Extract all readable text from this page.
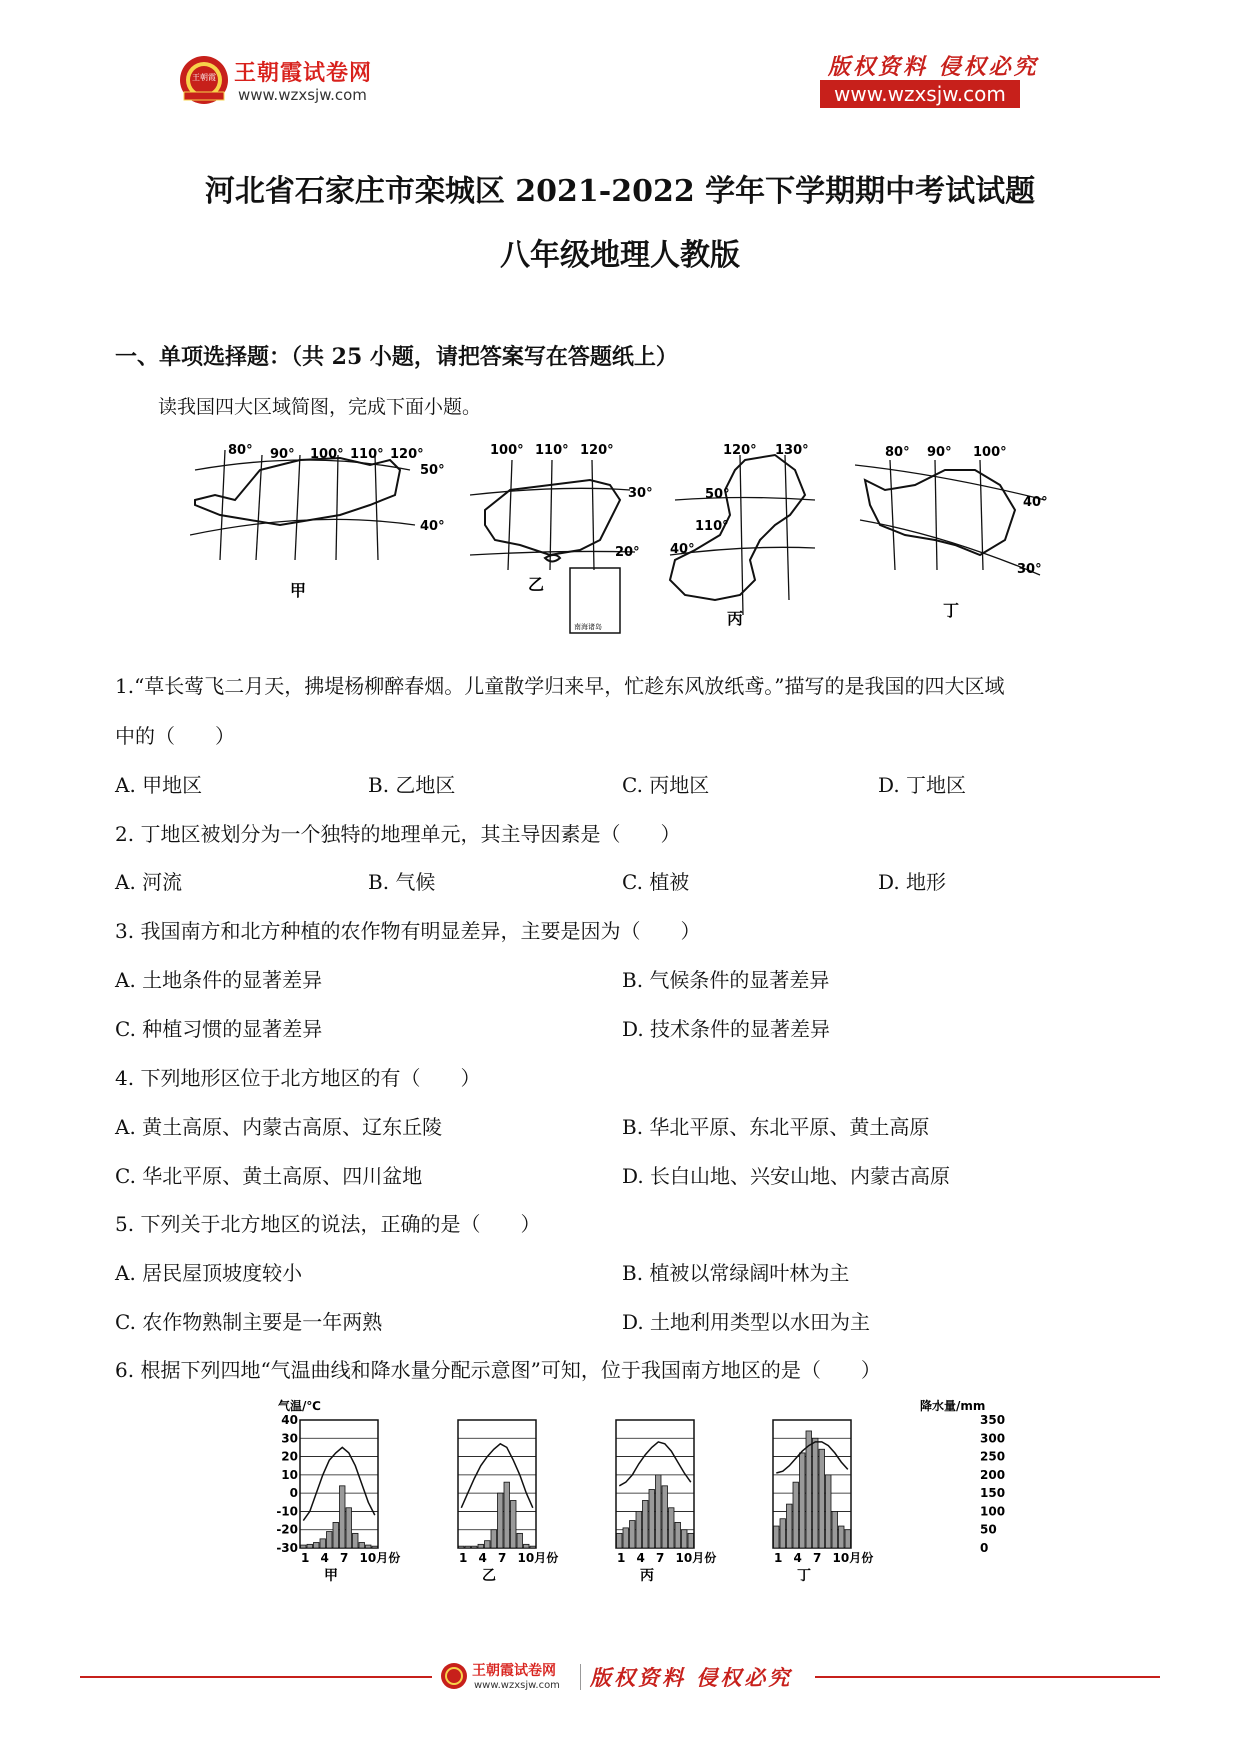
王朝霞 王朝霞试卷网
www.wzxsjw.com
版权资料 侵权必究
www.wzxsjw.com
河北省石家庄市栾城区 2021-2022 学年下学期期中考试试题
八年级地理人教版
一、单项选择题：（共 25 小题，请把答案写在答题纸上）
读我国四大区域简图，完成下面小题。
80° 90° 100° 110° 120°
50°
40°
甲
南海诸岛
100° 110° 120°
30°
20°
乙
120° 130°
50°
110°
40°
丙
80° 90° 100°
40°
30°
丁
1.“草长莺飞二月天，拂堤杨柳醉春烟。儿童散学归来早，忙趁东风放纸鸢。”描写的是我国的四大区域
中的（　　）
A. 甲地区	B. 乙地区	C. 丙地区	D. 丁地区
2. 丁地区被划分为一个独特的地理单元，其主导因素是（　　）
A. 河流	B. 气候	C. 植被	D. 地形
3. 我国南方和北方种植的农作物有明显差异，主要是因为（　　）
A. 土地条件的显著差异	B. 气候条件的显著差异
C. 种植习惯的显著差异	D. 技术条件的显著差异
4. 下列地形区位于北方地区的有（　　）
A. 黄土高原、内蒙古高原、辽东丘陵	B. 华北平原、东北平原、黄土高原
C. 华北平原、黄土高原、四川盆地	D. 长白山地、兴安山地、内蒙古高原
5. 下列关于北方地区的说法，正确的是（　　）
A. 居民屋顶坡度较小	B. 植被以常绿阔叶林为主
C. 农作物熟制主要是一年两熟	D. 土地利用类型以水田为主
6. 根据下列四地“气温曲线和降水量分配示意图”可知，位于我国南方地区的是（　　）
气温/℃	降水量/mm
40
30
20
10
0
-10
-20
-30
350
300
250
200
150
100
50
0
1 4 7 10月份
甲
1 4 7 10月份
乙
1 4 7 10月份
丙
1 4 7 10月份
丁
王朝霞试卷网
www.wzxsjw.com 版权资料 侵权必究
